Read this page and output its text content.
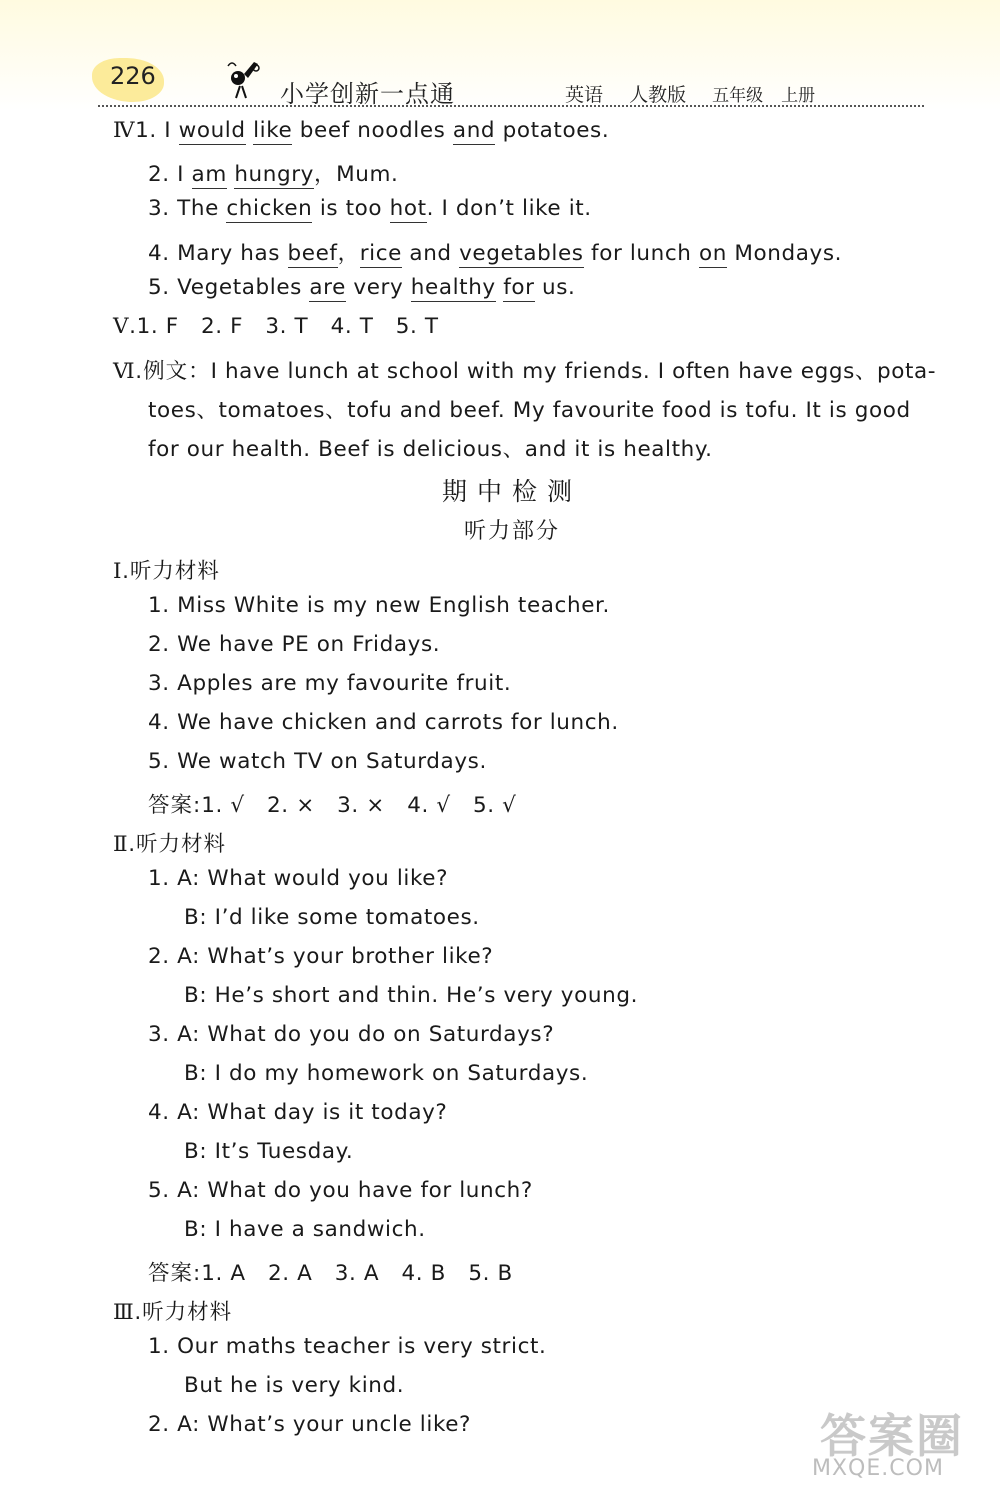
226
小学创新一点通	英语 人教版 五年级 上册
Ⅳ1. I would like beef noodles and potatoes.
2. I am hungry，Mum.
3. The chicken is too hot. I don’t like it.
4. Mary has beef，rice and vegetables for lunch on Mondays.
5. Vegetables are very healthy for us.
Ⅴ.1. F   2. F   3. T   4. T   5. T
Ⅵ.例文：I have lunch at school with my friends. I often have eggs、pota-
toes、tomatoes、tofu and beef. My favourite food is tofu. It is good
for our health. Beef is delicious、and it is healthy.
期中检测
听力部分
Ⅰ.听力材料
1. Miss White is my new English teacher.
2. We have PE on Fridays.
3. Apples are my favourite fruit.
4. We have chicken and carrots for lunch.
5. We watch TV on Saturdays.
答案:1. √ 2. × 3. × 4. √ 5. √
Ⅱ.听力材料
1. A: What would you like?
B: I’d like some tomatoes.
2. A: What’s your brother like?
B: He’s short and thin. He’s very young.
3. A: What do you do on Saturdays?
B: I do my homework on Saturdays.
4. A: What day is it today?
B: It’s Tuesday.
5. A: What do you have for lunch?
B: I have a sandwich.
答案:1. A   2. A   3. A   4. B   5. B
Ⅲ.听力材料
1. Our maths teacher is very strict.
But he is very kind.
2. A: What’s your uncle like?	答案圈
MXQE.COM
